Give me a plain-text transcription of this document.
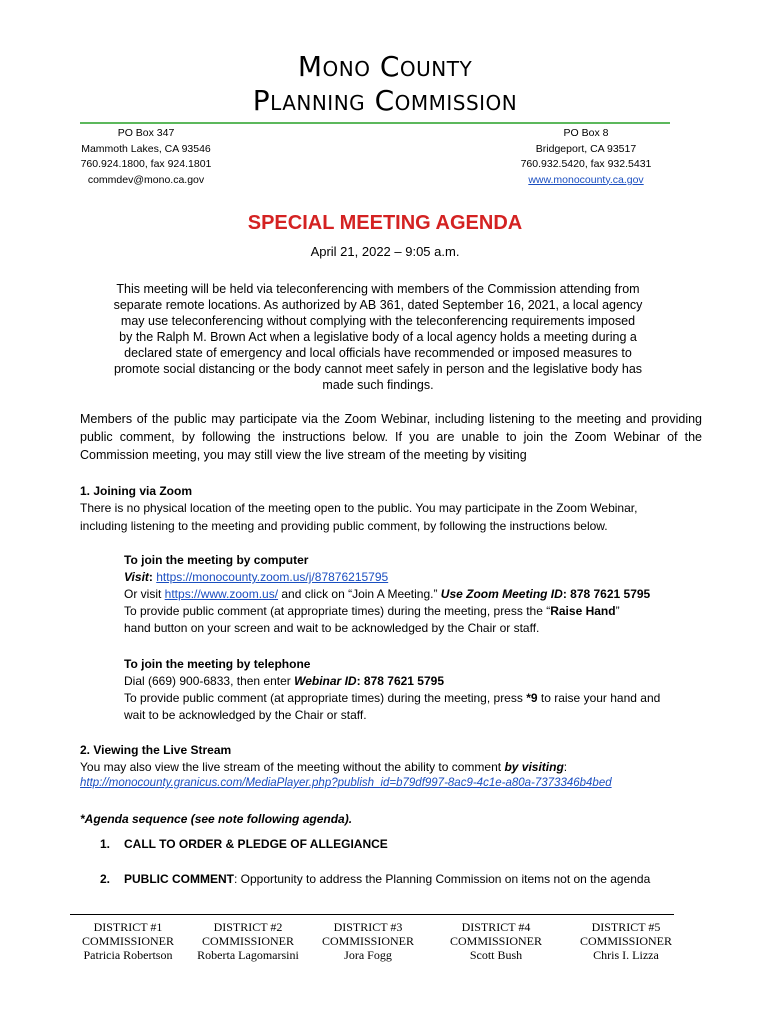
Mono County
Planning Commission
PO Box 347
Mammoth Lakes, CA 93546
760.924.1800, fax 924.1801
commdev@mono.ca.gov
PO Box 8
Bridgeport, CA 93517
760.932.5420, fax 932.5431
www.monocounty.ca.gov
SPECIAL MEETING AGENDA
April 21, 2022 – 9:05 a.m.
This meeting will be held via teleconferencing with members of the Commission attending from
separate remote locations. As authorized by AB 361, dated September 16, 2021, a local agency
may use teleconferencing without complying with the teleconferencing requirements imposed
by the Ralph M. Brown Act when a legislative body of a local agency holds a meeting during a
declared state of emergency and local officials have recommended or imposed measures to
promote social distancing or the body cannot meet safely in person and the legislative body has
made such findings.
Members of the public may participate via the Zoom Webinar, including listening to the meeting and providing public comment, by following the instructions below. If you are unable to join the Zoom Webinar of the Commission meeting, you may still view the live stream of the meeting by visiting
1. Joining via Zoom
There is no physical location of the meeting open to the public. You may participate in the Zoom Webinar, including listening to the meeting and providing public comment, by following the instructions below.
To join the meeting by computer
Visit: https://monocounty.zoom.us/j/87876215795
Or visit https://www.zoom.us/ and click on “Join A Meeting.” Use Zoom Meeting ID: 878 7621 5795
To provide public comment (at appropriate times) during the meeting, press the “Raise Hand”
hand button on your screen and wait to be acknowledged by the Chair or staff.
To join the meeting by telephone
Dial (669) 900-6833, then enter Webinar ID: 878 7621 5795
To provide public comment (at appropriate times) during the meeting, press *9 to raise your hand and
wait to be acknowledged by the Chair or staff.
2. Viewing the Live Stream
You may also view the live stream of the meeting without the ability to comment by visiting:
http://monocounty.granicus.com/MediaPlayer.php?publish_id=b79df997-8ac9-4c1e-a80a-7373346b4bed
*Agenda sequence (see note following agenda).
1. CALL TO ORDER & PLEDGE OF ALLEGIANCE
2. PUBLIC COMMENT: Opportunity to address the Planning Commission on items not on the agenda
DISTRICT #1
COMMISSIONER
Patricia Robertson
DISTRICT #2
COMMISSIONER
Roberta Lagomarsini
DISTRICT #3
COMMISSIONER
Jora Fogg
DISTRICT #4
COMMISSIONER
Scott Bush
DISTRICT #5
COMMISSIONER
Chris I. Lizza
